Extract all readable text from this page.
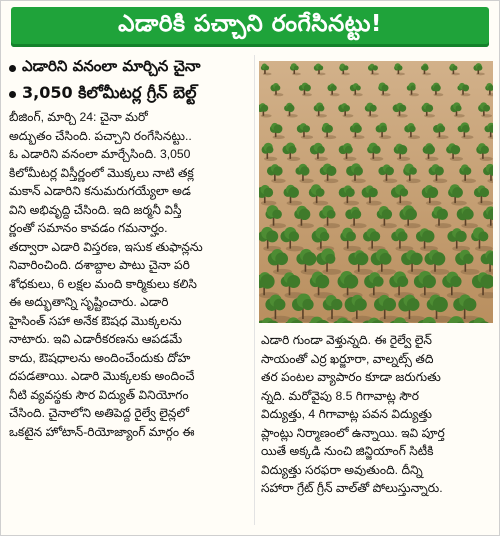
ఎడారికి పచ్చాని రంగేసినట్టు!
ఎడారిని వనంలా మార్చిన చైనా
3,050 కిలోమీటర్ల గ్రీన్ బెల్ట్
బీజింగ్, మార్చి 24: చైనా మరో
అద్భుతం చేసింది. పచ్చాని రంగేసినట్టు..
ఓ ఎడారిని వనంలా మార్చేసింది. 3,050
కిలోమీటర్ల విస్తీర్ణంలో మొక్కలు నాటి తక్ల
మకాన్ ఎడారిని కనుమరుగయ్యేలా అడ
విని అభివృద్ధి చేసింది. ఇది జర్మనీ విస్తీ
ర్ణంతో సమానం కావడం గమనార్హం.
తద్వారా ఎడారి విస్తరణ, ఇసుక తుఫాన్లను
నివారించింది. దశాబ్దాల పాటు చైనా పరి
శోధకులు, 6 లక్షల మంది కార్మికులు కలిసి
ఈ అద్భుతాన్ని సృష్టించారు. ఎడారి
హైసింత్ సహా అనేక ఔషధ మొక్కలను
నాటారు. ఇవి ఎడారీకరణను ఆపడమే
కాదు, ఔషధాలను అందించేందుకు దోహ
దపడతాయి. ఎడారి మొక్కలకు అందించే
నీటి వ్యవస్థకు సౌర విద్యుత్ వినియోగం
చేసింది. చైనాలోని అతిపెద్ద రైల్వే లైన్లలో
ఒకటైన హోటాన్-రియోజ్యాంగ్ మార్గం ఈ
ఎడారి గుండా వెళ్తున్నది. ఈ రైల్వే లైన్
సాయంతో ఎర్ర ఖర్జూరా, వాల్నట్స్ తది
తర పంటల వ్యాపారం కూడా జరుగుతు
న్నది. మరోవైపు 8.5 గిగావాట్ల సౌర
విద్యుత్తు, 4 గిగావాట్ల పవన విద్యుత్తు
ప్లాంట్లు నిర్మాణంలో ఉన్నాయి. ఇవి పూర్త
యితే అక్కడి నుంచి జిన్జియాంగ్ సిటీకి
విద్యుత్తు సరఫరా అవుతుంది. దీన్ని
సహారా గ్రేట్ గ్రీన్ వాల్‌తో పోలుస్తున్నారు.
